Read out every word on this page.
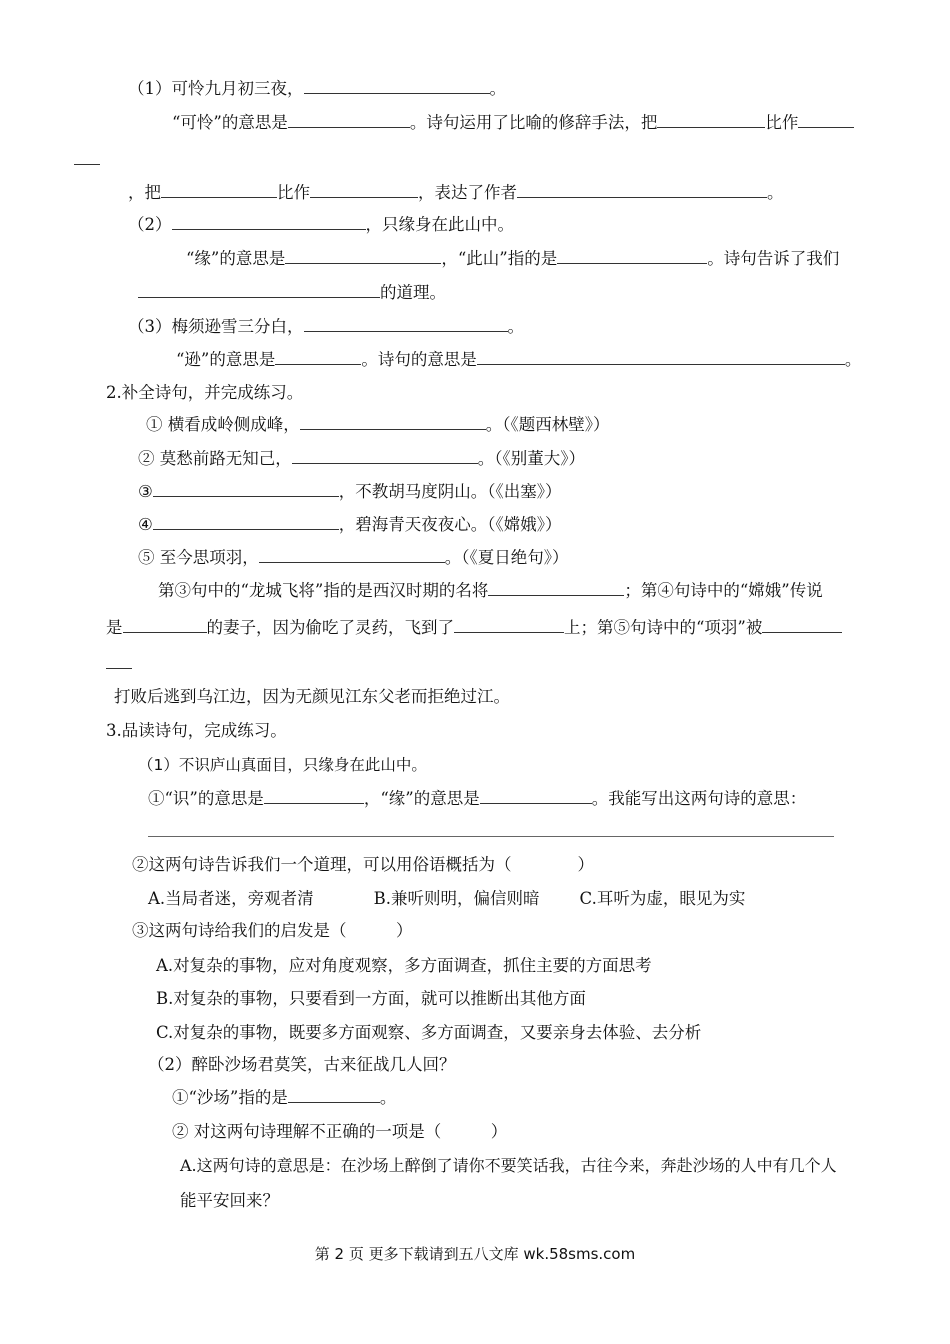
（1）可怜九月初三夜，	。
“可怜”的意思是	。诗句运用了比喻的修辞手法，把	比作
，把	比作	，表达了作者	。
（2）	，只缘身在此山中。
“缘”的意思是	，“此山”指的是	。诗句告诉了我们
的道理。
（3）梅须逊雪三分白，	。
“逊”的意思是	。诗句的意思是	。
2.补全诗句，并完成练习。
① 横看成岭侧成峰，	。（《题西林壁》）
② 莫愁前路无知己，	。（《别董大》）
③	，不教胡马度阴山。（《出塞》）
④	，碧海青天夜夜心。（《嫦娥》）
⑤ 至今思项羽，	。（《夏日绝句》）
第③句中的“龙城飞将”指的是西汉时期的名将	；第④句诗中的“嫦娥”传说
是	的妻子，因为偷吃了灵药，飞到了	上；第⑤句诗中的“项羽”被
打败后逃到乌江边，因为无颜见江东父老而拒绝过江。
3.品读诗句，完成练习。
（1）不识庐山真面目，只缘身在此山中。
①“识”的意思是	，“缘”的意思是	。我能写出这两句诗的意思：
②这两句诗告诉我们一个道理，可以用俗语概括为（　　　　）
A.当局者迷，旁观者清	B.兼听则明，偏信则暗 C.耳听为虚，眼见为实
③这两句诗给我们的启发是（　　　）
A.对复杂的事物，应对角度观察，多方面调查，抓住主要的方面思考
B.对复杂的事物，只要看到一方面，就可以推断出其他方面
C.对复杂的事物，既要多方面观察、多方面调查，又要亲身去体验、去分析
（2）醉卧沙场君莫笑，古来征战几人回？
①“沙场”指的是	。
② 对这两句诗理解不正确的一项是（　　　）
A.这两句诗的意思是：在沙场上醉倒了请你不要笑话我，古往今来，奔赴沙场的人中有几个人
能平安回来？
第 2 页 更多下载请到五八文库 wk.58sms.com
